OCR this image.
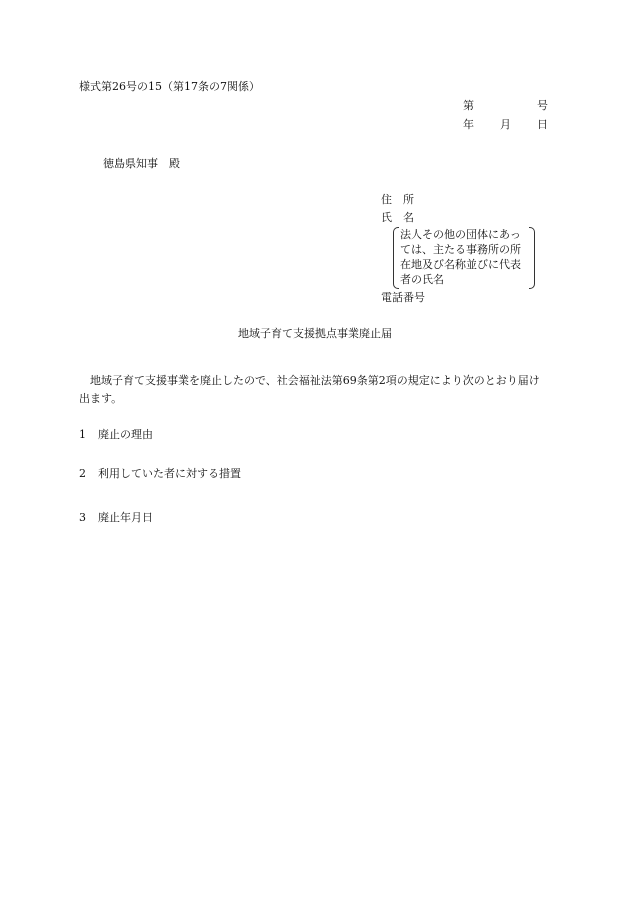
様式第26号の15（第17条の7関係）
第	号
年 月 日
徳島県知事　殿
住　所
氏　名
法人その他の団体にあっ
ては、主たる事務所の所
在地及び名称並びに代表
者の氏名
電話番号
地域子育て支援拠点事業廃止届
地域子育て支援事業を廃止したので、社会福祉法第69条第2項の規定により次のとおり届け出ます。
1 廃止の理由
2 利用していた者に対する措置
3 廃止年月日
